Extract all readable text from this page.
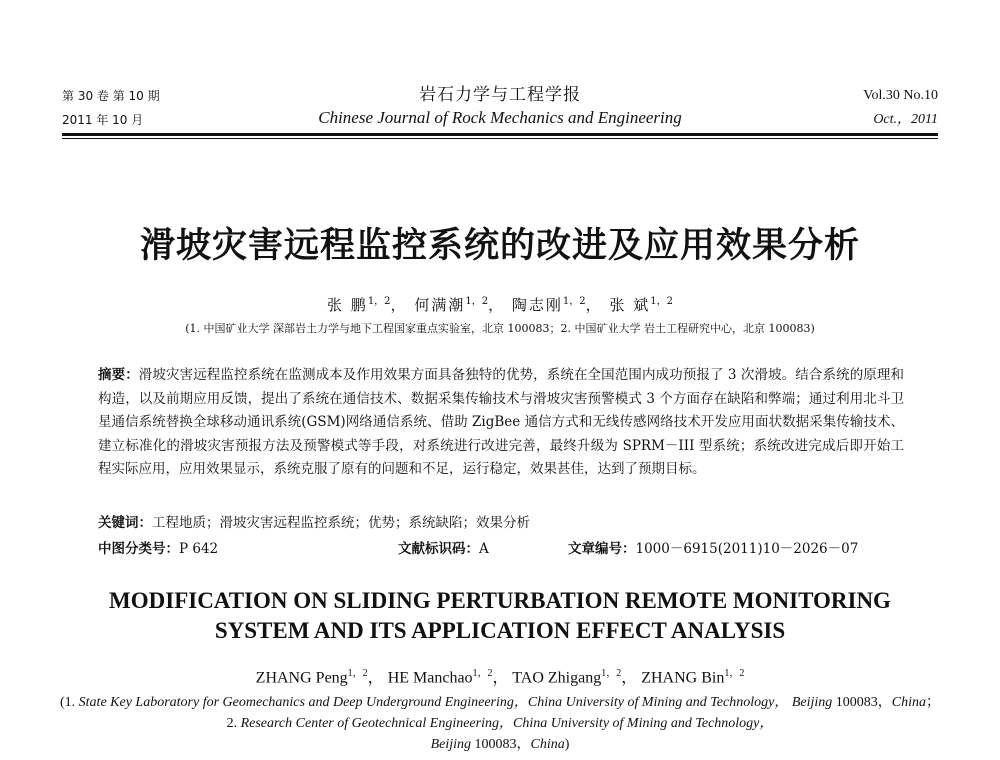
第 30 卷 第 10 期
2011 年 10 月
岩石力学与工程学报
Chinese Journal of Rock Mechanics and Engineering
Vol.30 No.10
Oct.，2011
滑坡灾害远程监控系统的改进及应用效果分析
张 鹏$^{1,2}$， 何满潮$^{1,2}$， 陶志刚$^{1,2}$， 张 斌$^{1,2}$
(1. 中国矿业大学 深部岩土力学与地下工程国家重点实验室，北京 100083；2. 中国矿业大学 岩土工程研究中心，北京 100083)
摘要：滑坡灾害远程监控系统在监测成本及作用效果方面具备独特的优势，系统在全国范围内成功预报了 3 次滑坡。结合系统的原理和构造，以及前期应用反馈，提出了系统在通信技术、数据采集传输技术与滑坡灾害预警模式 3 个方面存在缺陷和弊端；通过利用北斗卫星通信系统替换全球移动通讯系统(GSM)网络通信系统、借助 ZigBee 通信方式和无线传感网络技术开发应用面状数据采集传输技术、建立标准化的滑坡灾害预报方法及预警模式等手段，对系统进行改进完善，最终升级为 SPRM－III 型系统；系统改进完成后即开始工程实际应用，应用效果显示，系统克服了原有的问题和不足，运行稳定，效果甚佳，达到了预期目标。
关键词：工程地质；滑坡灾害远程监控系统；优势；系统缺陷；效果分析
中图分类号：P 642	文献标识码：A	文章编号：1000－6915(2011)10－2026－07
MODIFICATION ON SLIDING PERTURBATION REMOTE MONITORING
SYSTEM AND ITS APPLICATION EFFECT ANALYSIS
ZHANG Peng$^{1,2}$， HE Manchao$^{1,2}$， TAO Zhigang$^{1,2}$， ZHANG Bin$^{1,2}$
(1. State Key Laboratory for Geomechanics and Deep Underground Engineering，China University of Mining and Technology， Beijing 100083，China；2. Research Center of Geotechnical Engineering，China University of Mining and Technology，
Beijing 100083，China)
